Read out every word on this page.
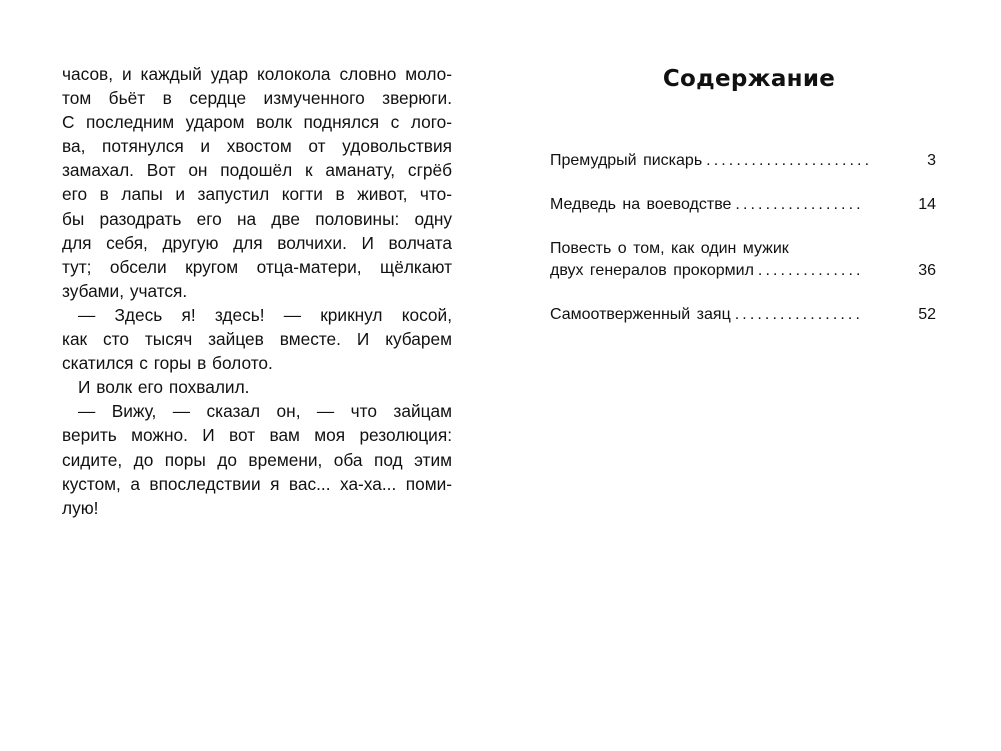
часов, и каждый удар колокола словно моло-
том бьёт в сердце измученного зверюги.
С последним ударом волк поднялся с лого-
ва, потянулся и хвостом от удовольствия
замахал. Вот он подошёл к аманату, сгрёб
его в лапы и запустил когти в живот, что-
бы разодрать его на две половины: одну
для себя, другую для волчихи. И волчата
тут; обсели кругом отца-матери, щёлкают
зубами, учатся.
— Здесь я! здесь! — крикнул косой,
как сто тысяч зайцев вместе. И кубарем
скатился с горы в болото.
И волк его похвалил.
— Вижу, — сказал он, — что зайцам
верить можно. И вот вам моя резолюция:
сидите, до поры до времени, оба под этим
кустом, а впоследствии я вас... ха-ха... поми-
лую!
Содержание
Премудрый пискарь ......................	3
Медведь на воеводстве .................	14
Повесть о том, как один мужик
двух генералов прокормил ..............	36
Самоотверженный заяц .................	52
